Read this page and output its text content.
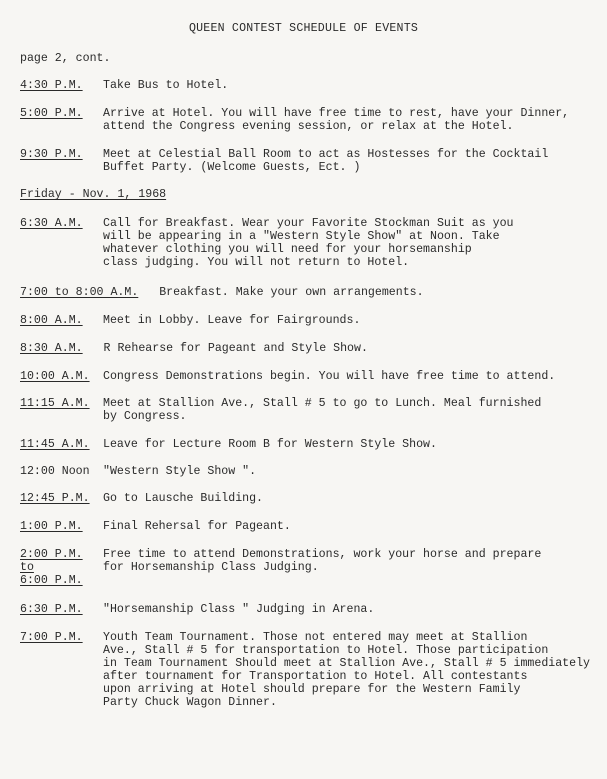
QUEEN CONTEST SCHEDULE OF EVENTS
page 2, cont.
4:30 P.M.	Take Bus to Hotel.
5:00 P.M.	Arrive at Hotel. You will have free time to rest, have your Dinner,
attend the Congress evening session, or relax at the Hotel.
9:30 P.M.	Meet at Celestial Ball Room to act as Hostesses for the Cocktail
Buffet Party. (Welcome Guests, Ect. )
Friday - Nov. 1, 1968
6:30 A.M.	Call for Breakfast. Wear your Favorite Stockman Suit as you
will be appearing in a "Western Style Show" at Noon. Take
whatever clothing you will need for your horsemanship
class judging. You will not return to Hotel.
7:00 to 8:00 A.M. Breakfast. Make your own arrangements.
8:00 A.M.	Meet in Lobby. Leave for Fairgrounds.
8:30 A.M. R Rehearse for Pageant and Style Show.
10:00 A.M.	Congress Demonstrations begin. You will have free time to attend.
11:15 A.M.	Meet at Stallion Ave., Stall # 5 to go to Lunch. Meal furnished
by Congress.
11:45 A.M.	Leave for Lecture Room B for Western Style Show.
12:00 Noon	"Western Style Show ".
12:45 P.M.	Go to Lausche Building.
1:00 P.M.	Final Rehersal for Pageant.
2:00 P.M.
to
6:00 P.M.
Free time to attend Demonstrations, work your horse and prepare
for Horsemanship Class Judging.
6:30 P.M.	"Horsemanship Class " Judging in Arena.
7:00 P.M.	Youth Team Tournament. Those not entered may meet at Stallion
Ave., Stall # 5 for transportation to Hotel. Those participation
in Team Tournament Should meet at Stallion Ave., Stall # 5 immediately
after tournament for Transportation to Hotel. All contestants
upon arriving at Hotel should prepare for the Western Family
Party Chuck Wagon Dinner.
